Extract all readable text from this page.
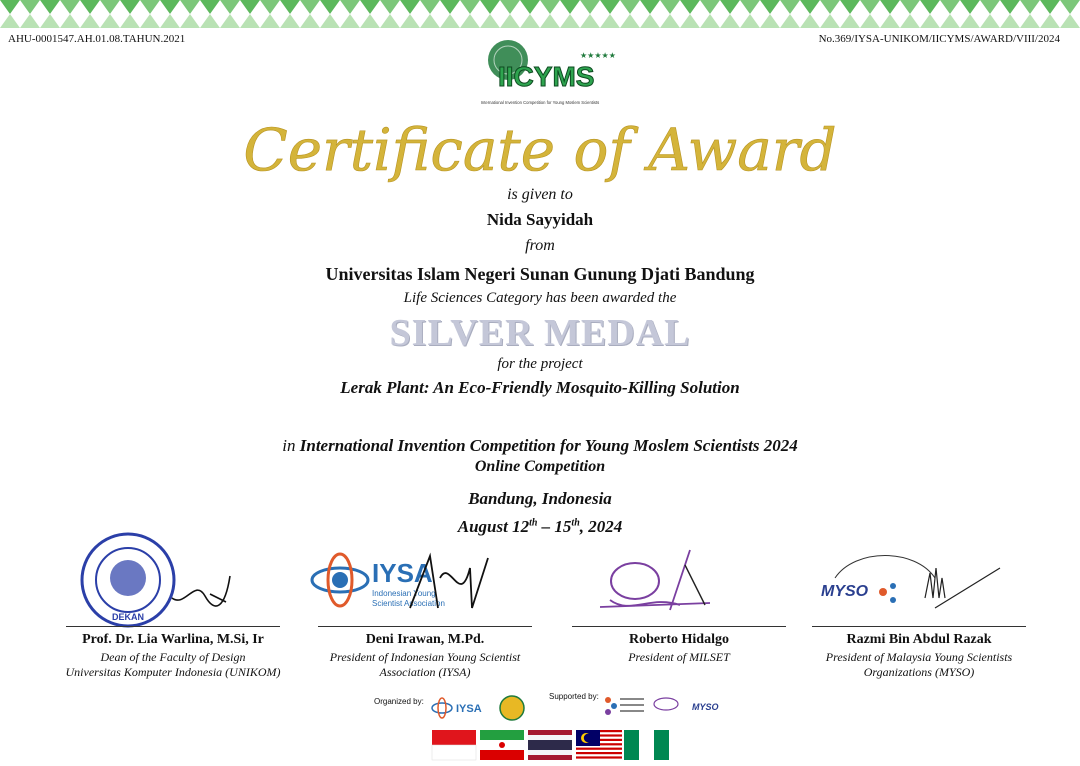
AHU-0001547.AH.01.08.TAHUN.2021	No.369/IYSA-UNIKOM/IICYMS/AWARD/VIII/2024
IICYMS
★★★★★
International Invention Competition for Young Moslem Scientists
Certificate of Award
is given to
Nida Sayyidah
from
Universitas Islam Negeri Sunan Gunung Djati Bandung
Life Sciences Category has been awarded the
SILVER MEDAL
for the project
Lerak Plant: An Eco-Friendly Mosquito-Killing Solution
in International Invention Competition for Young Moslem Scientists 2024
Online Competition
Bandung, Indonesia
August 12th – 15th, 2024
DEKAN
IYSA
Indonesian Young
Scientist Association
MYSO
Prof. Dr. Lia Warlina, M.Si, Ir
Dean of the Faculty of Design
Universitas Komputer Indonesia (UNIKOM)
Deni Irawan, M.Pd.
President of Indonesian Young Scientist
Association (IYSA)
Roberto Hidalgo
President of MILSET
Razmi Bin Abdul Razak
President of Malaysia Young Scientists
Organizations (MYSO)
Organized by:
IYSA
Supported by:
MYSO
